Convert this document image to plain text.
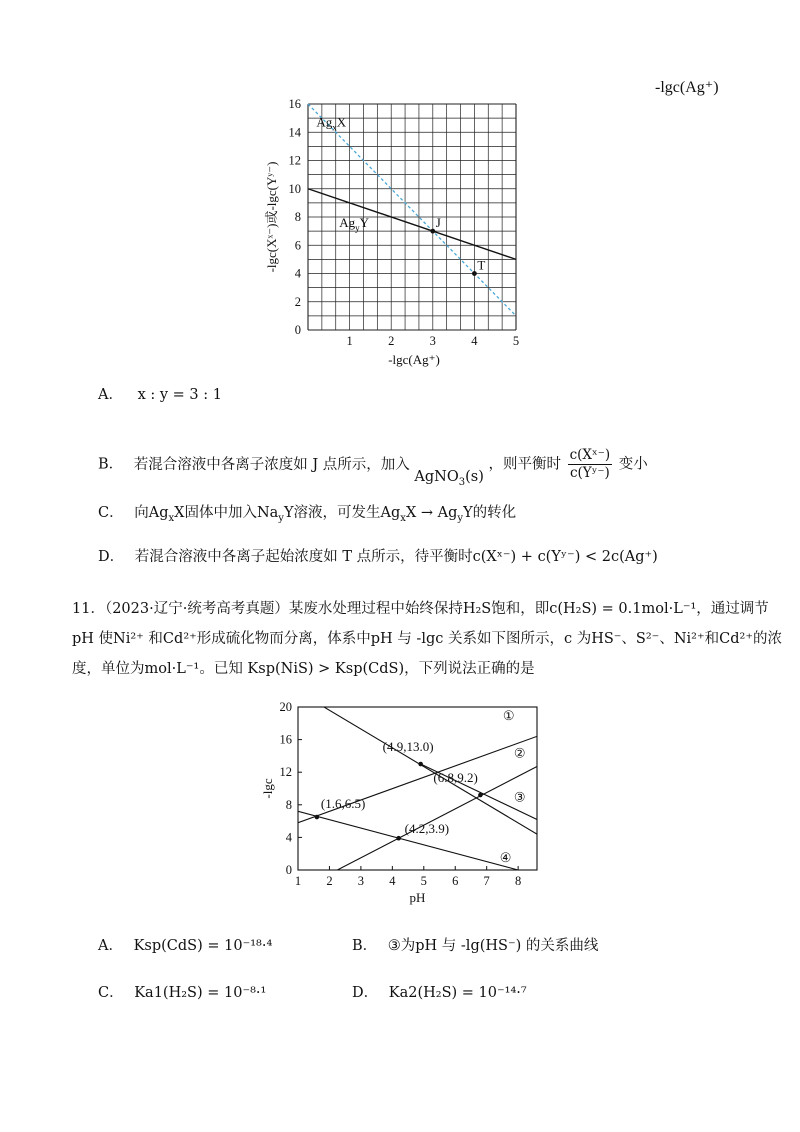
1	2	3	4	5
0
2
4
6
8
10
12
14
16
-lgc(Ag⁺)
-lgc(Xˣ⁻)或-lgc(Yʸ⁻)	J
T
$Ag_xX$
$Ag_yY$
-lgc(Ag⁺)
A． x : y = 3 : 1
B． 若混合溶液中各离子浓度如 J 点所示，加入 AgNO$_3$(s) ，则平衡时 $\frac{\text{c(Xˣ⁻)}}{\text{c(Yʸ⁻)}}$ 变小
C． 向$Ag_xX$固体中加入$Na_yY$溶液，可发生$Ag_xX \to Ag_yY$的转化
D． 若混合溶液中各离子起始浓度如 T 点所示，待平衡时c(Xˣ⁻) + c(Yʸ⁻) < 2c(Ag⁺)
11．（2023·辽宁·统考高考真题）某废水处理过程中始终保持H₂S饱和，即c(H₂S) = 0.1mol·L⁻¹，通过调节
pH 使Ni²⁺ 和Cd²⁺形成硫化物而分离，体系中pH 与 -lgc 关系如下图所示，c 为HS⁻、S²⁻、Ni²⁺和Cd²⁺的浓
度，单位为mol·L⁻¹。已知 Ksp(NiS) > Ksp(CdS)，下列说法正确的是
1 2 3 4 5 6 7 8
0
4
8
12
16
20
pH
-lgc
(4.9,13.0)
(6.8,9.2)
(1.6,6.5)
(4.2,3.9)
①
②
③
④
A． Ksp(CdS) = 10⁻¹⁸·⁴	B． ③为pH 与 -lg(HS⁻) 的关系曲线
C． Ka1(H₂S) = 10⁻⁸·¹	D． Ka2(H₂S) = 10⁻¹⁴·⁷
